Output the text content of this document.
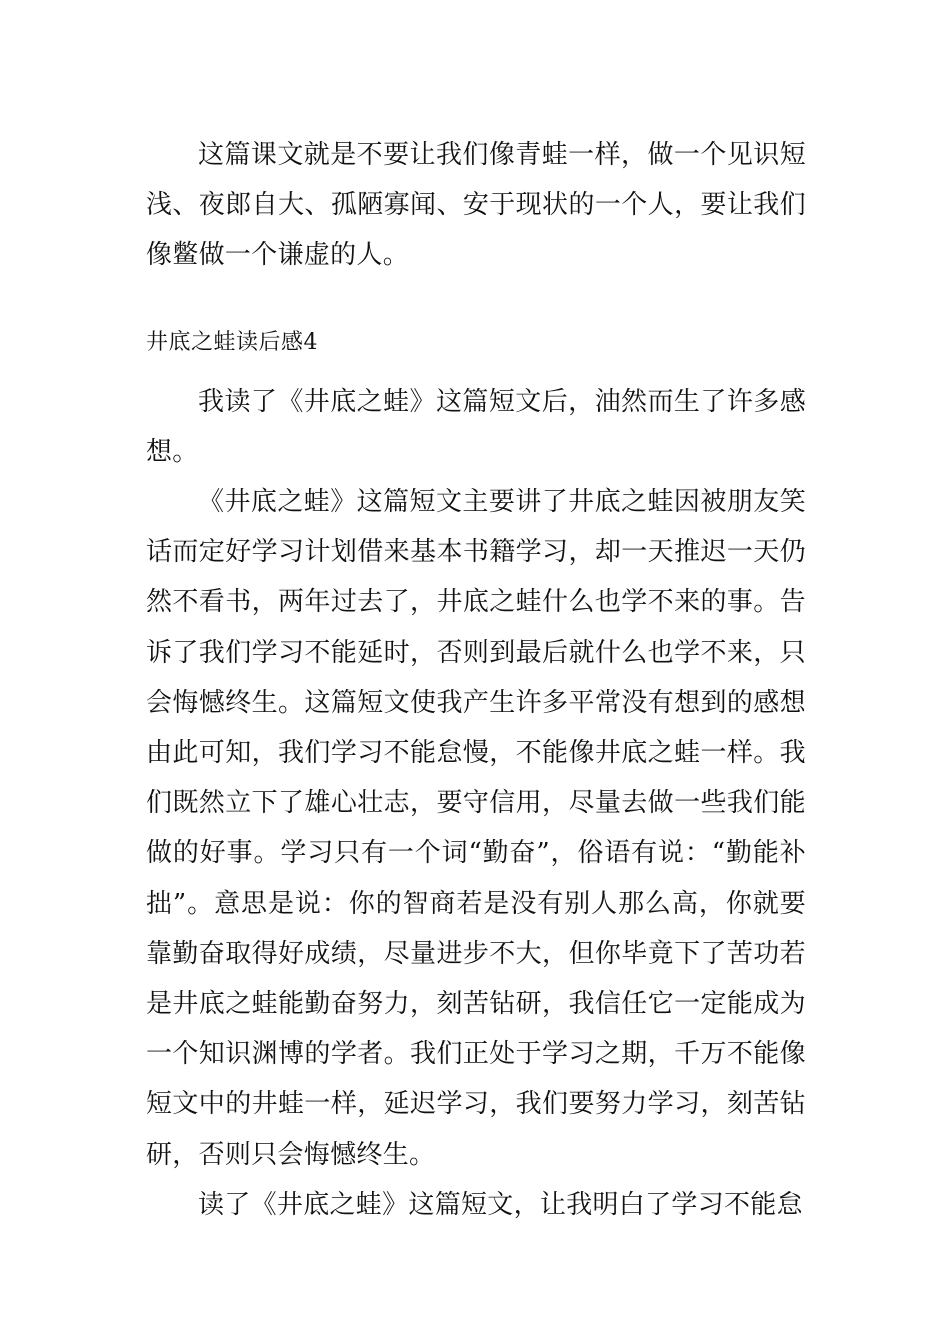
这篇课文就是不要让我们像青蛙一样，做一个见识短浅、夜郎自大、孤陋寡闻、安于现状的一个人，要让我们像鳖做一个谦虚的人。

井底之蛙读后感4

我读了《井底之蛙》这篇短文后，油然而生了许多感想。

《井底之蛙》这篇短文主要讲了井底之蛙因被朋友笑话而定好学习计划借来基本书籍学习，却一天推迟一天仍然不看书，两年过去了，井底之蛙什么也学不来的事。告诉了我们学习不能延时，否则到最后就什么也学不来，只会悔憾终生。这篇短文使我产生许多平常没有想到的感想由此可知，我们学习不能怠慢，不能像井底之蛙一样。我们既然立下了雄心壮志，要守信用，尽量去做一些我们能做的好事。学习只有一个词“勤奋”，俗语有说：“勤能补拙”。意思是说：你的智商若是没有别人那么高，你就要靠勤奋取得好成绩，尽量进步不大，但你毕竟下了苦功若是井底之蛙能勤奋努力，刻苦钻研，我信任它一定能成为一个知识渊博的学者。我们正处于学习之期，千万不能像短文中的井蛙一样，延迟学习，我们要努力学习，刻苦钻研，否则只会悔憾终生。

读了《井底之蛙》这篇短文，让我明白了学习不能怠
